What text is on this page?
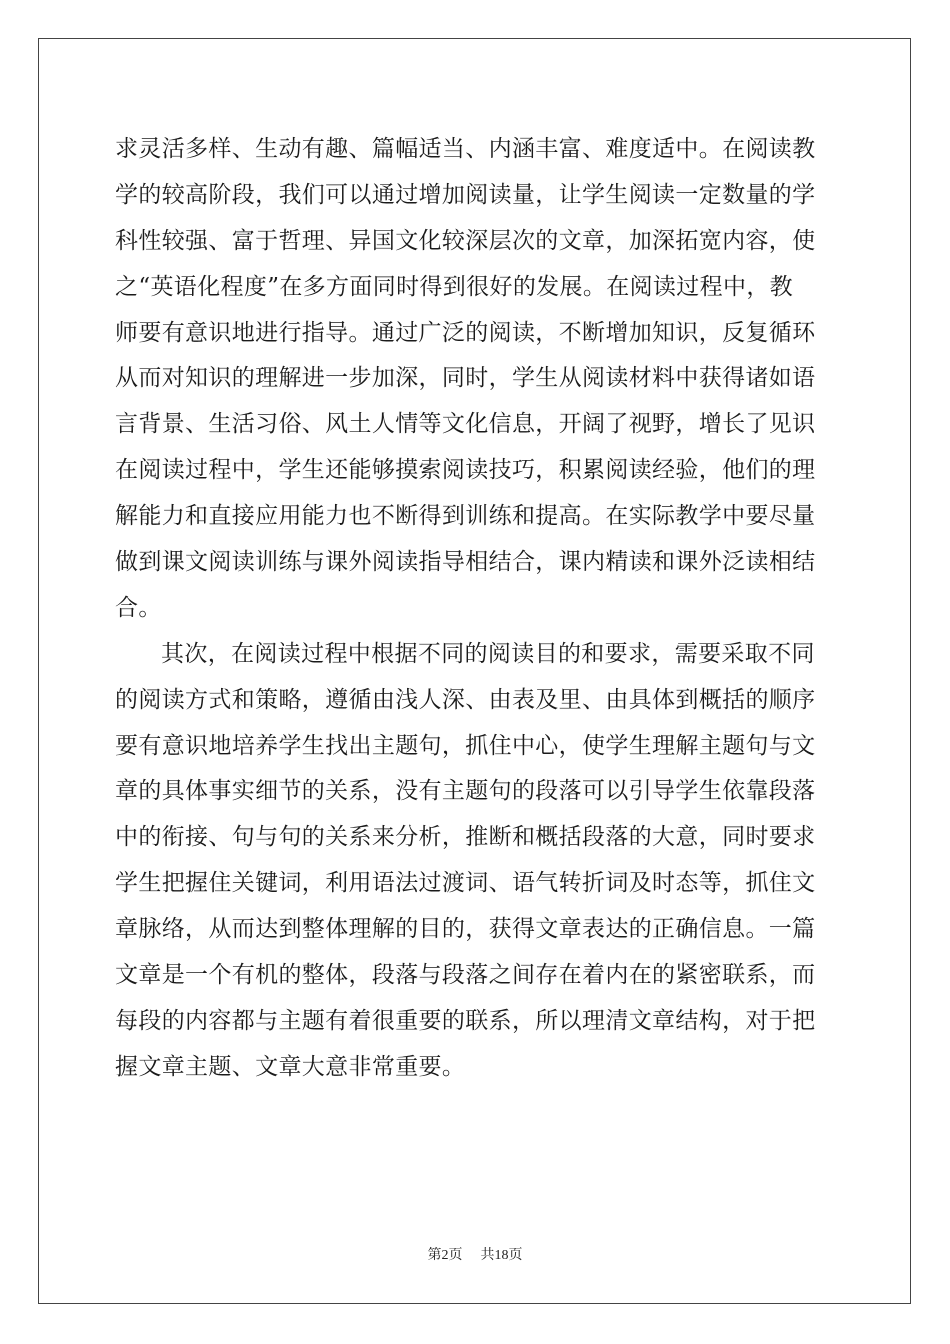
求灵活多样、生动有趣、篇幅适当、内涵丰富、难度适中。在阅读教
学的较高阶段，我们可以通过增加阅读量，让学生阅读一定数量的学
科性较强、富于哲理、异国文化较深层次的文章，加深拓宽内容，使
之“英语化程度”在多方面同时得到很好的发展。在阅读过程中，教
师要有意识地进行指导。通过广泛的阅读，不断增加知识，反复循环
从而对知识的理解进一步加深，同时，学生从阅读材料中获得诸如语
言背景、生活习俗、风土人情等文化信息，开阔了视野，增长了见识
在阅读过程中，学生还能够摸索阅读技巧，积累阅读经验，他们的理
解能力和直接应用能力也不断得到训练和提高。在实际教学中要尽量
做到课文阅读训练与课外阅读指导相结合，课内精读和课外泛读相结
合。
其次，在阅读过程中根据不同的阅读目的和要求，需要采取不同
的阅读方式和策略，遵循由浅人深、由表及里、由具体到概括的顺序
要有意识地培养学生找出主题句，抓住中心，使学生理解主题句与文
章的具体事实细节的关系，没有主题句的段落可以引导学生依靠段落
中的衔接、句与句的关系来分析，推断和概括段落的大意，同时要求
学生把握住关键词，利用语法过渡词、语气转折词及时态等，抓住文
章脉络，从而达到整体理解的目的，获得文章表达的正确信息。一篇
文章是一个有机的整体，段落与段落之间存在着内在的紧密联系，而
每段的内容都与主题有着很重要的联系，所以理清文章结构，对于把
握文章主题、文章大意非常重要。
第2页 共18页
